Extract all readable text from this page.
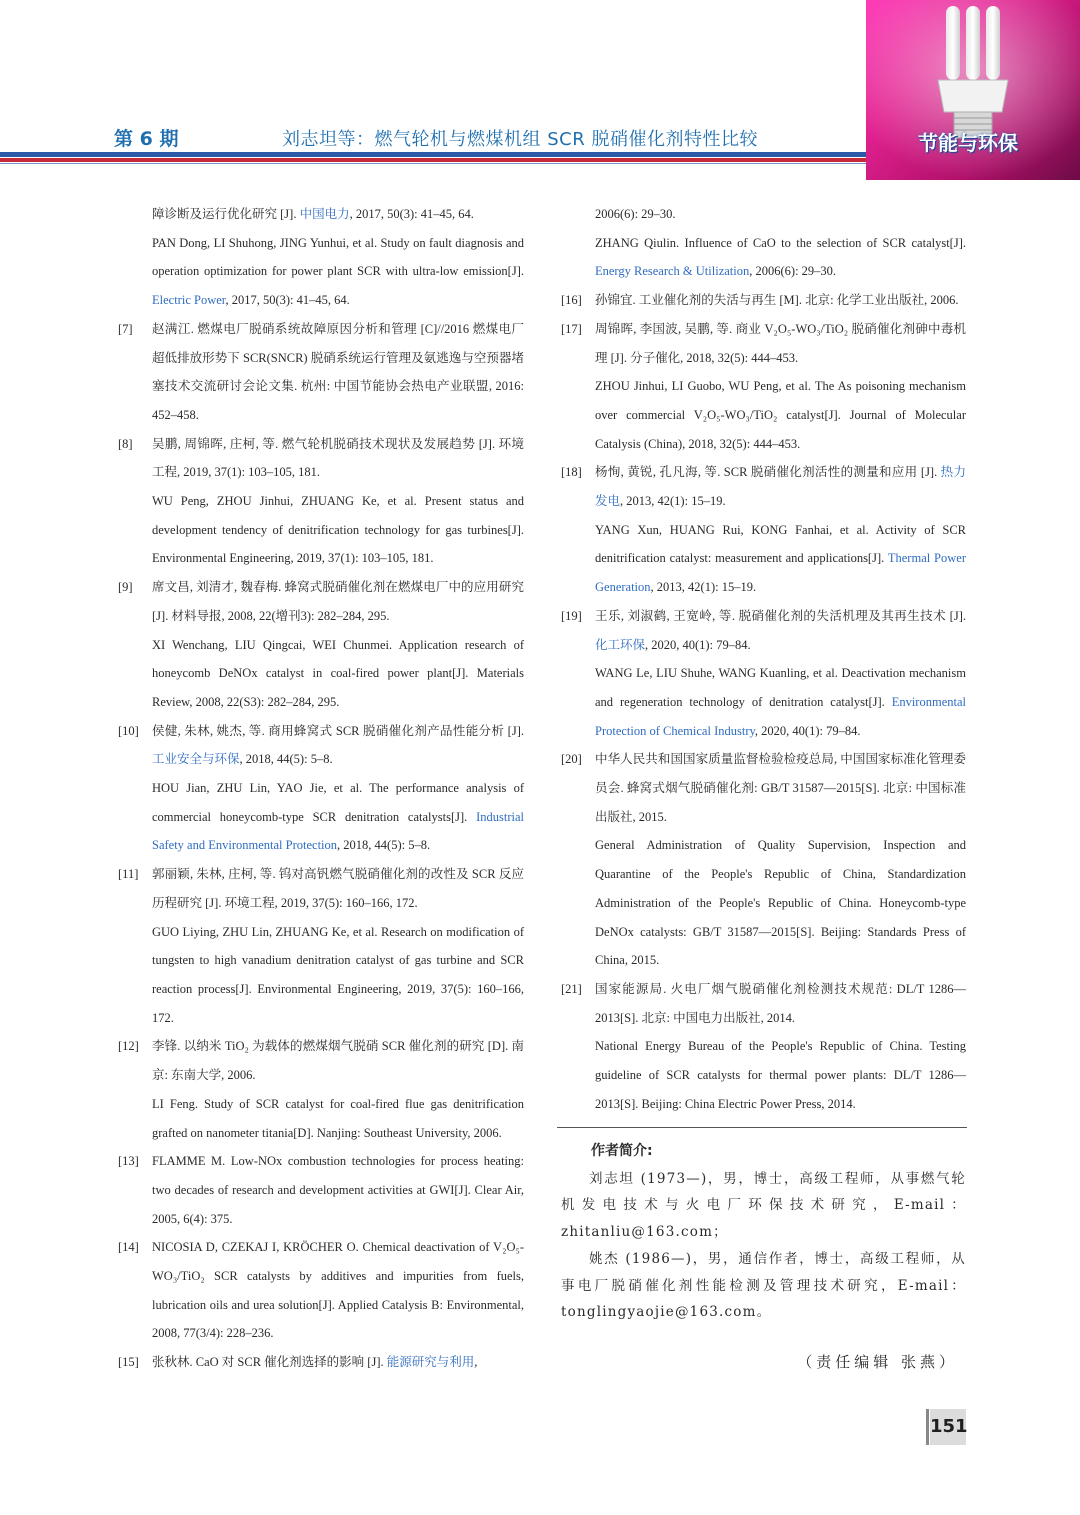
第 6 期	刘志坦等：燃气轮机与燃煤机组 SCR 脱硝催化剂特性比较	节能与环保

障诊断及运行优化研究 [J]. 中国电力, 2017, 50(3): 41–45, 64.

PAN Dong, LI Shuhong, JING Yunhui, et al. Study on fault diagnosis and operation optimization for power plant SCR with ultra-low emission[J]. Electric Power, 2017, 50(3): 41–45, 64.

[7] 赵满江. 燃煤电厂脱硝系统故障原因分析和管理 [C]//2016 燃煤电厂超低排放形势下 SCR(SNCR) 脱硝系统运行管理及氨逃逸与空预器堵塞技术交流研讨会论文集. 杭州: 中国节能协会热电产业联盟, 2016: 452–458.

[8] 吴鹏, 周锦晖, 庄柯, 等. 燃气轮机脱硝技术现状及发展趋势 [J]. 环境工程, 2019, 37(1): 103–105, 181.

WU Peng, ZHOU Jinhui, ZHUANG Ke, et al. Present status and development tendency of denitrification technology for gas turbines[J]. Environmental Engineering, 2019, 37(1): 103–105, 181.

[9] 席文昌, 刘清才, 魏春梅. 蜂窝式脱硝催化剂在燃煤电厂中的应用研究 [J]. 材料导报, 2008, 22(增刊3): 282–284, 295.

XI Wenchang, LIU Qingcai, WEI Chunmei. Application research of honeycomb DeNOx catalyst in coal-fired power plant[J]. Materials Review, 2008, 22(S3): 282–284, 295.

[10] 侯健, 朱林, 姚杰, 等. 商用蜂窝式 SCR 脱硝催化剂产品性能分析 [J]. 工业安全与环保, 2018, 44(5): 5–8.

HOU Jian, ZHU Lin, YAO Jie, et al. The performance analysis of commercial honeycomb-type SCR denitration catalysts[J]. Industrial Safety and Environmental Protection, 2018, 44(5): 5–8.

[11] 郭丽颖, 朱林, 庄柯, 等. 钨对高钒燃气脱硝催化剂的改性及 SCR 反应历程研究 [J]. 环境工程, 2019, 37(5): 160–166, 172.

GUO Liying, ZHU Lin, ZHUANG Ke, et al. Research on modification of tungsten to high vanadium denitration catalyst of gas turbine and SCR reaction process[J]. Environmental Engineering, 2019, 37(5): 160–166, 172.

[12] 李锋. 以纳米 TiO₂ 为载体的燃煤烟气脱硝 SCR 催化剂的研究 [D]. 南京: 东南大学, 2006.

LI Feng. Study of SCR catalyst for coal-fired flue gas denitrification grafted on nanometer titania[D]. Nanjing: Southeast University, 2006.

[13] FLAMME M. Low-NOx combustion technologies for process heating: two decades of research and development activities at GWI[J]. Clear Air, 2005, 6(4): 375.

[14] NICOSIA D, CZEKAJ I, KRÖCHER O. Chemical deactivation of V₂O₅-WO₃/TiO₂ SCR catalysts by additives and impurities from fuels, lubrication oils and urea solution[J]. Applied Catalysis B: Environmental, 2008, 77(3/4): 228–236.

[15] 张秋林. CaO 对 SCR 催化剂选择的影响 [J]. 能源研究与利用,

2006(6): 29–30.

ZHANG Qiulin. Influence of CaO to the selection of SCR catalyst[J]. Energy Research & Utilization, 2006(6): 29–30.

[16] 孙锦宜. 工业催化剂的失活与再生 [M]. 北京: 化学工业出版社, 2006.

[17] 周锦晖, 李国波, 吴鹏, 等. 商业 V₂O₅-WO₃/TiO₂ 脱硝催化剂砷中毒机理 [J]. 分子催化, 2018, 32(5): 444–453.

ZHOU Jinhui, LI Guobo, WU Peng, et al. The As poisoning mechanism over commercial V₂O₅-WO₃/TiO₂ catalyst[J]. Journal of Molecular Catalysis (China), 2018, 32(5): 444–453.

[18] 杨恂, 黄锐, 孔凡海, 等. SCR 脱硝催化剂活性的测量和应用 [J]. 热力发电, 2013, 42(1): 15–19.

YANG Xun, HUANG Rui, KONG Fanhai, et al. Activity of SCR denitrification catalyst: measurement and applications[J]. Thermal Power Generation, 2013, 42(1): 15–19.

[19] 王乐, 刘淑鹤, 王宽岭, 等. 脱硝催化剂的失活机理及其再生技术 [J]. 化工环保, 2020, 40(1): 79–84.

WANG Le, LIU Shuhe, WANG Kuanling, et al. Deactivation mechanism and regeneration technology of denitration catalyst[J]. Environmental Protection of Chemical Industry, 2020, 40(1): 79–84.

[20] 中华人民共和国国家质量监督检验检疫总局, 中国国家标准化管理委员会. 蜂窝式烟气脱硝催化剂: GB/T 31587—2015[S]. 北京: 中国标准出版社, 2015.

General Administration of Quality Supervision, Inspection and Quarantine of the People's Republic of China, Standardization Administration of the People's Republic of China. Honeycomb-type DeNOx catalysts: GB/T 31587—2015[S]. Beijing: Standards Press of China, 2015.

[21] 国家能源局. 火电厂烟气脱硝催化剂检测技术规范: DL/T 1286—2013[S]. 北京: 中国电力出版社, 2014.

National Energy Bureau of the People's Republic of China. Testing guideline of SCR catalysts for thermal power plants: DL/T 1286—2013[S]. Beijing: China Electric Power Press, 2014.

作者简介:

刘志坦 (1973—)，男，博士，高级工程师，从事燃气轮机发电技术与火电厂环保技术研究，E-mail：zhitanliu@163.com；

姚杰 (1986—)，男，通信作者，博士，高级工程师，从事电厂脱硝催化剂性能检测及管理技术研究，E-mail：tonglingyaojie@163.com。

（责任编辑 张燕）
151
